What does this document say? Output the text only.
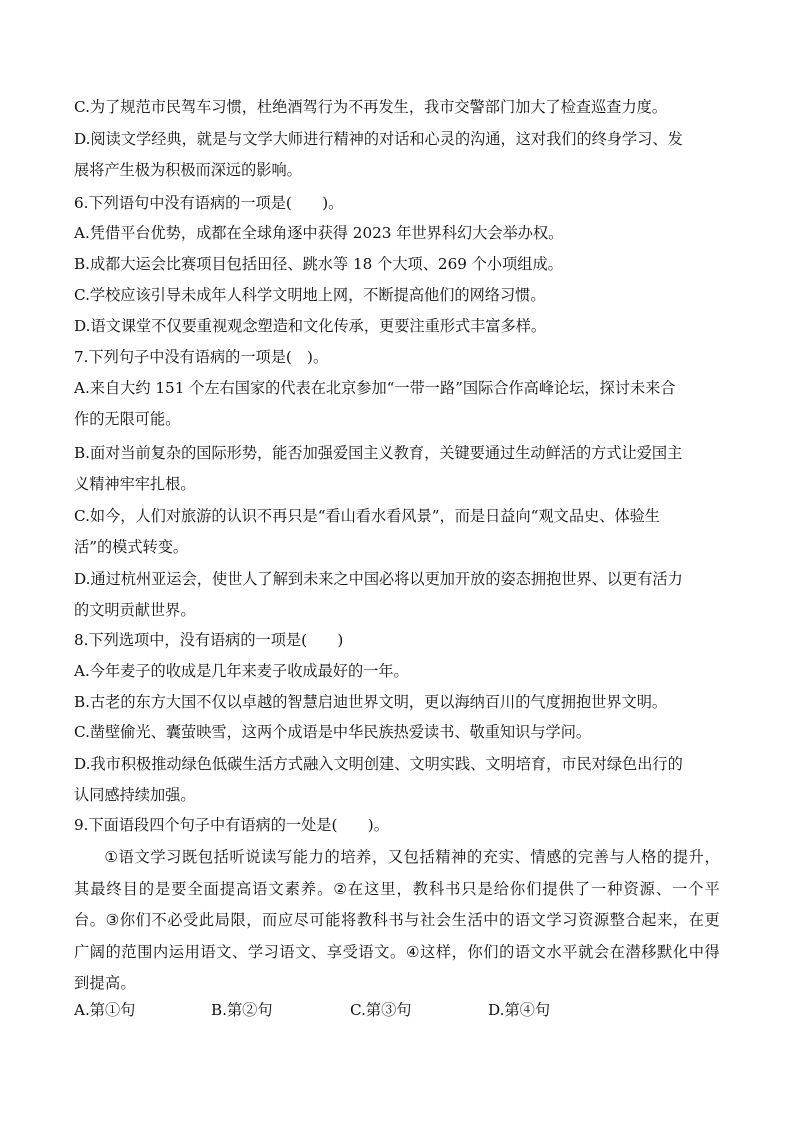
C.为了规范市民驾车习惯，杜绝酒驾行为不再发生，我市交警部门加大了检查巡查力度。
D.阅读文学经典，就是与文学大师进行精神的对话和心灵的沟通，这对我们的终身学习、发
展将产生极为积极而深远的影响。
6.下列语句中没有语病的一项是(　　)。
A.凭借平台优势，成都在全球角逐中获得 2023 年世界科幻大会举办权。
B.成都大运会比赛项目包括田径、跳水等 18 个大项、269 个小项组成。
C.学校应该引导未成年人科学文明地上网，不断提高他们的网络习惯。
D.语文课堂不仅要重视观念塑造和文化传承，更要注重形式丰富多样。
7.下列句子中没有语病的一项是(　)。
A.来自大约 151 个左右国家的代表在北京参加“一带一路”国际合作高峰论坛，探讨未来合
作的无限可能。
B.面对当前复杂的国际形势，能否加强爱国主义教育，关键要通过生动鲜活的方式让爱国主
义精神牢牢扎根。
C.如今，人们对旅游的认识不再只是“看山看水看风景”，而是日益向“观文品史、体验生
活”的模式转变。
D.通过杭州亚运会，使世人了解到未来之中国必将以更加开放的姿态拥抱世界、以更有活力
的文明贡献世界。
8.下列选项中，没有语病的一项是(　　)
A.今年麦子的收成是几年来麦子收成最好的一年。
B.古老的东方大国不仅以卓越的智慧启迪世界文明，更以海纳百川的气度拥抱世界文明。
C.凿壁偷光、囊萤映雪，这两个成语是中华民族热爱读书、敬重知识与学问。
D.我市积极推动绿色低碳生活方式融入文明创建、文明实践、文明培育，市民对绿色出行的
认同感持续加强。
9.下面语段四个句子中有语病的一处是(　　)。
①语文学习既包括听说读写能力的培养，又包括精神的充实、情感的完善与人格的提升，其最终目的是要全面提高语文素养。②在这里，教科书只是给你们提供了一种资源、一个平台。③你们不必受此局限，而应尽可能将教科书与社会生活中的语文学习资源整合起来，在更广阔的范围内运用语文、学习语文、享受语文。④这样，你们的语文水平就会在潜移默化中得到提高。
A.第①句	B.第②句	C.第③句	D.第④句
